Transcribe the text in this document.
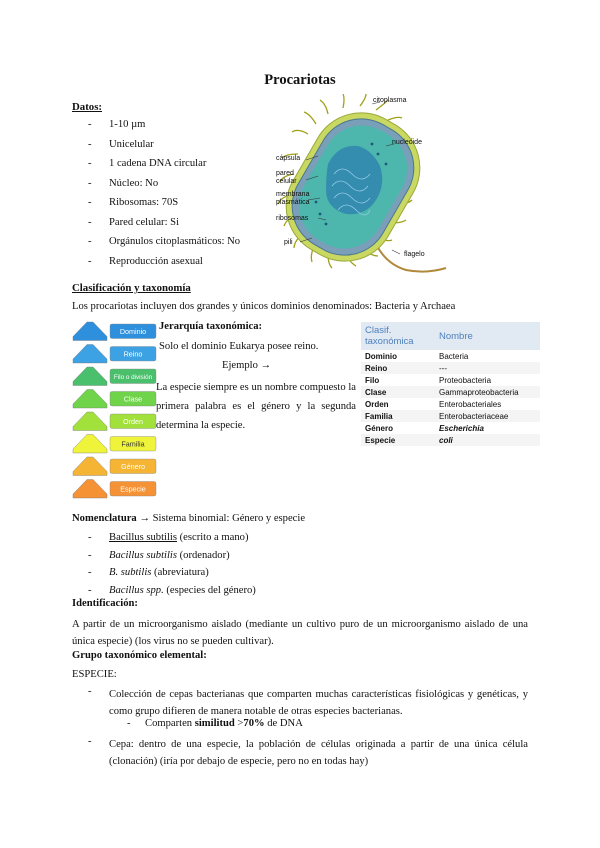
Procariotas
Datos:
- 1-10 µm
- Unicelular
- 1 cadena DNA circular
- Núcleo: No
- Ribosomas: 70S
- Pared celular: Si
- Orgánulos citoplasmáticos: No
- Reproducción asexual
citoplasma
nucleoide
cápsula
pared
celular
membrana
plasmática
ribosomas
pili
flagelo
Clasificación y taxonomía
Los procariotas incluyen dos grandes y únicos dominios denominados: Bacteria y Archaea
Dominio
Reino
Filo o división
Clase
Orden
Familia
Género
Especie
Jerarquía taxonómica:
Solo el dominio Eukarya posee reino.
Ejemplo →
La especie siempre es un nombre compuesto la primera palabra es el género y la segunda determina la especie.
Clasif. taxonómica	Nombre
Dominio	Bacteria
Reino	---
Filo	Proteobacteria
Clase	Gammaproteobacteria
Orden	Enterobacteriales
Familia	Enterobacteriaceae
Género	Escherichia
Especie	coli
Nomenclatura → Sistema binomial: Género y especie
- Bacillus subtilis (escrito a mano)
- Bacillus subtilis (ordenador)
- B. subtilis (abreviatura)
- Bacillus spp. (especies del género)
Identificación:
A partir de un microorganismo aislado (mediante un cultivo puro de un microorganismo aislado de una única especie) (los virus no se pueden cultivar).
Grupo taxonómico elemental:
ESPECIE:
- Colección de cepas bacterianas que comparten muchas características fisiológicas y genéticas, y como grupo difieren de manera notable de otras especies bacterianas.
- Comparten similitud >70% de DNA
- Cepa: dentro de una especie, la población de células originada a partir de una única célula (clonación) (iría por debajo de especie, pero no en todas hay)
